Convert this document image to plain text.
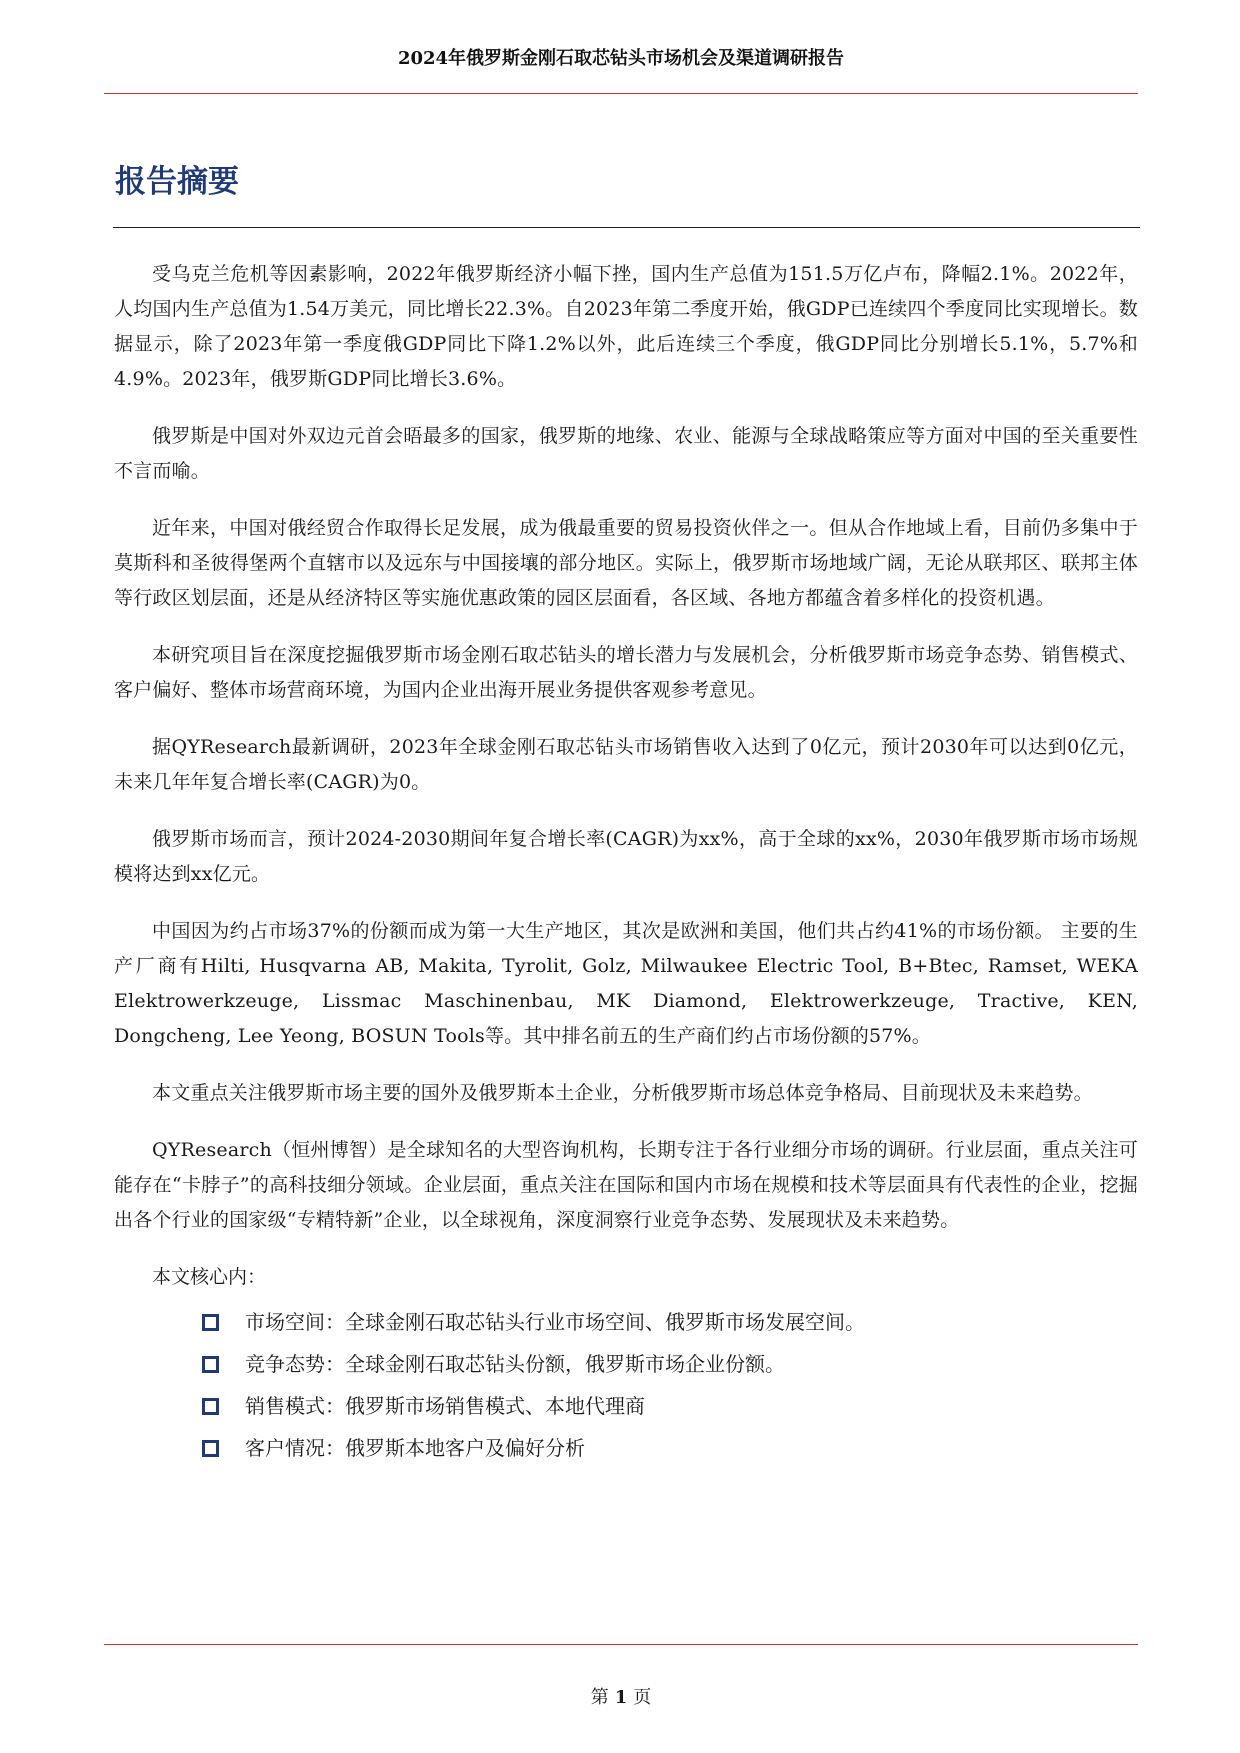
2024年俄罗斯金刚石取芯钻头市场机会及渠道调研报告
报告摘要

受乌克兰危机等因素影响，2022年俄罗斯经济小幅下挫，国内生产总值为151.5万亿卢布，降幅2.1%。2022年，人均国内生产总值为1.54万美元，同比增长22.3%。自2023年第二季度开始，俄GDP已连续四个季度同比实现增长。数据显示，除了2023年第一季度俄GDP同比下降1.2%以外，此后连续三个季度，俄GDP同比分别增长5.1%，5.7%和4.9%。2023年，俄罗斯GDP同比增长3.6%。

俄罗斯是中国对外双边元首会晤最多的国家，俄罗斯的地缘、农业、能源与全球战略策应等方面对中国的至关重要性不言而喻。

近年来，中国对俄经贸合作取得长足发展，成为俄最重要的贸易投资伙伴之一。但从合作地域上看，目前仍多集中于莫斯科和圣彼得堡两个直辖市以及远东与中国接壤的部分地区。实际上，俄罗斯市场地域广阔，无论从联邦区、联邦主体等行政区划层面，还是从经济特区等实施优惠政策的园区层面看，各区域、各地方都蕴含着多样化的投资机遇。

本研究项目旨在深度挖掘俄罗斯市场金刚石取芯钻头的增长潜力与发展机会，分析俄罗斯市场竞争态势、销售模式、客户偏好、整体市场营商环境，为国内企业出海开展业务提供客观参考意见。

据QYResearch最新调研，2023年全球金刚石取芯钻头市场销售收入达到了0亿元，预计2030年可以达到0亿元，未来几年年复合增长率(CAGR)为0。

俄罗斯市场而言，预计2024-2030期间年复合增长率(CAGR)为xx%，高于全球的xx%，2030年俄罗斯市场市场规模将达到xx亿元。

中国因为约占市场37%的份额而成为第一大生产地区，其次是欧洲和美国，他们共占约41%的市场份额。 主要的生产厂商有Hilti, Husqvarna AB, Makita, Tyrolit, Golz, Milwaukee Electric Tool, B+Btec, Ramset, WEKA Elektrowerkzeuge, Lissmac Maschinenbau, MK Diamond, Elektrowerkzeuge, Tractive, KEN, Dongcheng, Lee Yeong, BOSUN Tools等。其中排名前五的生产商们约占市场份额的57%。

本文重点关注俄罗斯市场主要的国外及俄罗斯本土企业，分析俄罗斯市场总体竞争格局、目前现状及未来趋势。

QYResearch（恒州博智）是全球知名的大型咨询机构，长期专注于各行业细分市场的调研。行业层面，重点关注可能存在“卡脖子”的高科技细分领域。企业层面，重点关注在国际和国内市场在规模和技术等层面具有代表性的企业，挖掘出各个行业的国家级“专精特新”企业，以全球视角，深度洞察行业竞争态势、发展现状及未来趋势。

本文核心内：

市场空间：全球金刚石取芯钻头行业市场空间、俄罗斯市场发展空间。
竞争态势：全球金刚石取芯钻头份额，俄罗斯市场企业份额。
销售模式：俄罗斯市场销售模式、本地代理商
客户情况：俄罗斯本地客户及偏好分析
第 1 页
